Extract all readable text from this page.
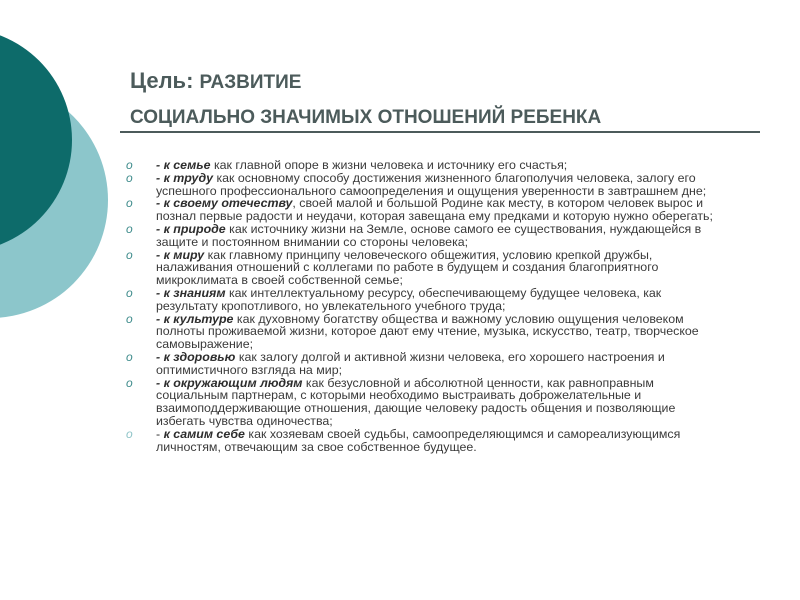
Цель: РАЗВИТИЕ
СОЦИАЛЬНО ЗНАЧИМЫХ ОТНОШЕНИЙ РЕБЕНКА
o - к семье как главной опоре в жизни человека и источнику его счастья;
o - к труду как основному способу достижения жизненного благополучия человека, залогу его успешного профессионального самоопределения и ощущения уверенности в завтрашнем дне;
o - к своему отечеству, своей малой и большой Родине как месту, в котором человек вырос и познал первые радости и неудачи, которая завещана ему предками и которую нужно оберегать;
o - к природе как источнику жизни на Земле, основе самого ее существования, нуждающейся в защите и постоянном внимании со стороны человека;
o - к миру как главному принципу человеческого общежития, условию крепкой дружбы, налаживания отношений с коллегами по работе в будущем и создания благоприятного микроклимата в своей собственной семье;
o - к знаниям как интеллектуальному ресурсу, обеспечивающему будущее человека, как результату кропотливого, но увлекательного учебного труда;
o - к культуре как духовному богатству общества и важному условию ощущения человеком полноты проживаемой жизни, которое дают ему чтение, музыка, искусство, театр, творческое самовыражение;
o - к здоровью как залогу долгой и активной жизни человека, его хорошего настроения и оптимистичного взгляда на мир;
o - к окружающим людям как безусловной и абсолютной ценности, как равноправным социальным партнерам, с которыми необходимо выстраивать доброжелательные и взаимоподдерживающие отношения, дающие человеку радость общения и позволяющие избегать чувства одиночества;
o - к самим себе как хозяевам своей судьбы, самоопределяющимся и самореализующимся личностям, отвечающим за свое собственное будущее.
